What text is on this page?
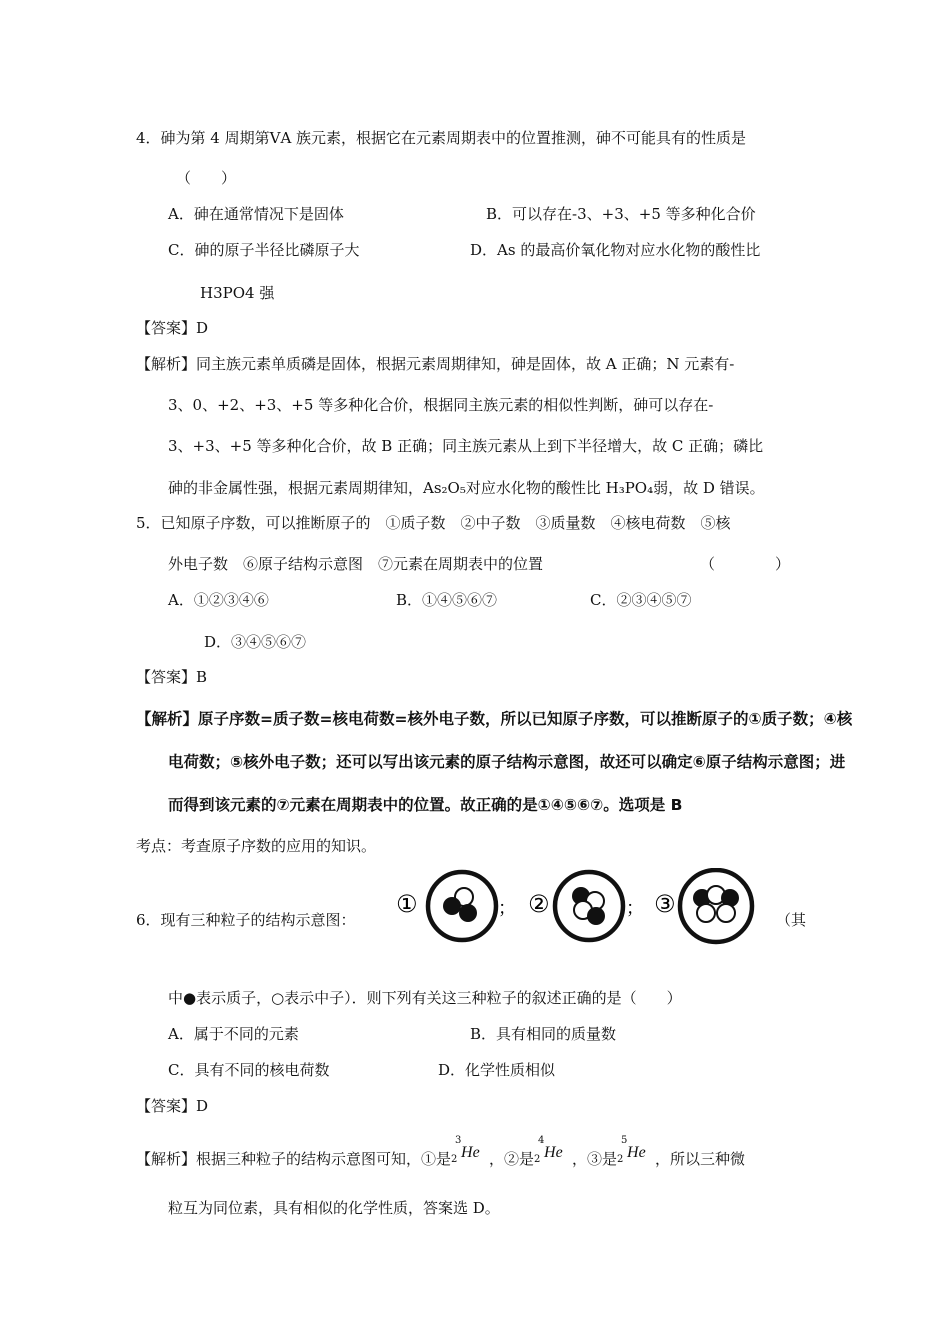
4．砷为第 4 周期第ⅤA 族元素，根据它在元素周期表中的位置推测，砷不可能具有的性质是
（　　）
A．砷在通常情况下是固体	B．可以存在-3、+3、+5 等多种化合价
C．砷的原子半径比磷原子大	D．As 的最高价氧化物对应水化物的酸性比
H3PO4 强
【答案】D
【解析】同主族元素单质磷是固体，根据元素周期律知，砷是固体，故 A 正确；N 元素有-
3、0、+2、+3、+5 等多种化合价，根据同主族元素的相似性判断，砷可以存在-
3、+3、+5 等多种化合价，故 B 正确；同主族元素从上到下半径增大，故 C 正确；磷比
砷的非金属性强，根据元素周期律知，As₂O₅对应水化物的酸性比 H₃PO₄弱，故 D 错误。
5．已知原子序数，可以推断原子的　①质子数　②中子数　③质量数　④核电荷数　⑤核
外电子数　⑥原子结构示意图　⑦元素在周期表中的位置	（　　　　）
A．①②③④⑥	B．①④⑤⑥⑦	C．②③④⑤⑦
D．③④⑤⑥⑦
【答案】B
【解析】原子序数=质子数=核电荷数=核外电子数，所以已知原子序数，可以推断原子的①质子数；④核
电荷数；⑤核外电子数；还可以写出该元素的原子结构示意图，故还可以确定⑥原子结构示意图；进
而得到该元素的⑦元素在周期表中的位置。故正确的是①④⑤⑥⑦。选项是 B
考点：考查原子序数的应用的知识。
6．现有三种粒子的结构示意图：
①	； ②	； ③
（其
中●表示质子，○表示中子）．则下列有关这三种粒子的叙述正确的是（　　）
A．属于不同的元素	B．具有相同的质量数
C．具有不同的核电荷数	D．化学性质相似
【答案】D
【解析】根据三种粒子的结构示意图可知，①是
3
2 He ，②是
4
2 He ，③是
5
2 He ，所以三种微
粒互为同位素，具有相似的化学性质，答案选 D。
